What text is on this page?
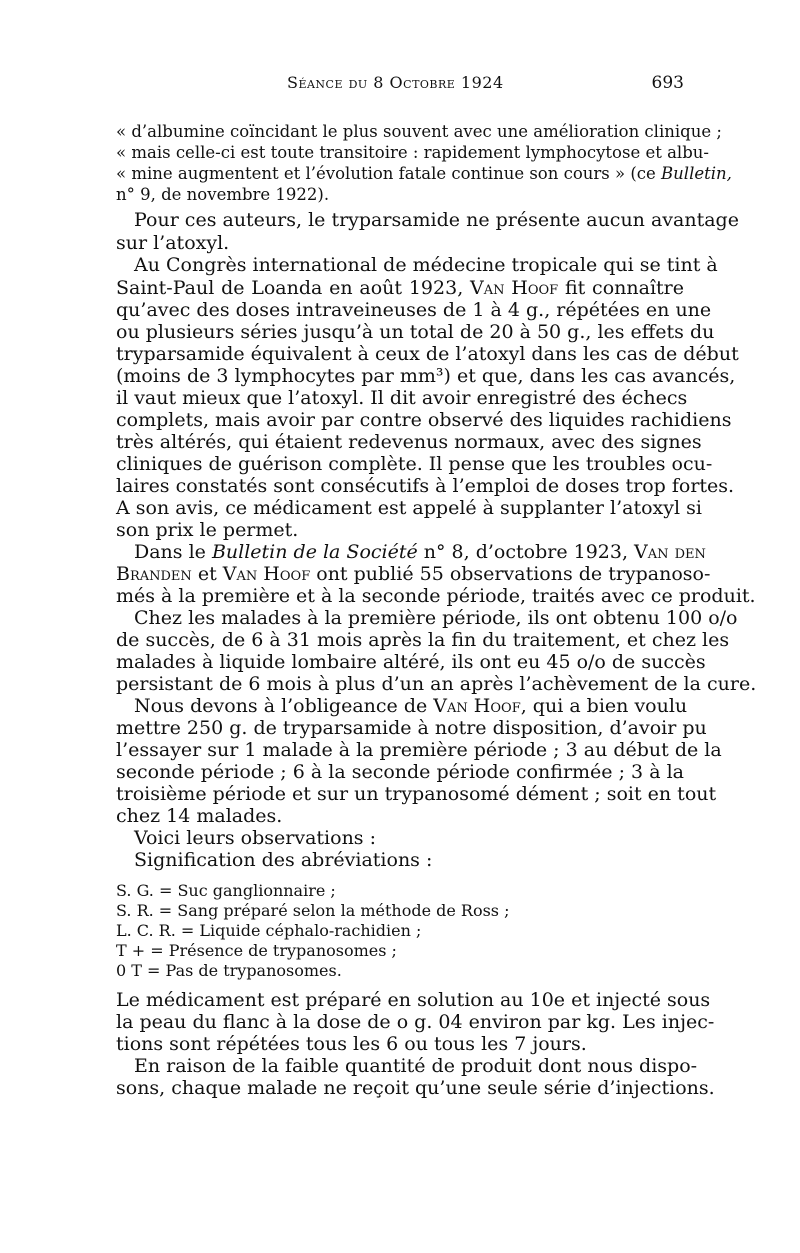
Séance du 8 Octobre 1924	693
« d’albumine coïncidant le plus souvent avec une amélioration clinique ;
« mais celle-ci est toute transitoire : rapidement lymphocytose et albu-
« mine augmentent et l’évolution fatale continue son cours » (ce Bulletin,
n° 9, de novembre 1922).
Pour ces auteurs, le tryparsamide ne présente aucun avantage
sur l’atoxyl.
Au Congrès international de médecine tropicale qui se tint à
Saint-Paul de Loanda en août 1923, Van Hoof fit connaître
qu’avec des doses intraveineuses de 1 à 4 g., répétées en une
ou plusieurs séries jusqu’à un total de 20 à 50 g., les effets du
tryparsamide équivalent à ceux de l’atoxyl dans les cas de début
(moins de 3 lymphocytes par mm³) et que, dans les cas avancés,
il vaut mieux que l’atoxyl. Il dit avoir enregistré des échecs
complets, mais avoir par contre observé des liquides rachidiens
très altérés, qui étaient redevenus normaux, avec des signes
cliniques de guérison complète. Il pense que les troubles ocu-
laires constatés sont consécutifs à l’emploi de doses trop fortes.
A son avis, ce médicament est appelé à supplanter l’atoxyl si
son prix le permet.
Dans le Bulletin de la Société n° 8, d’octobre 1923, Van den
Branden et Van Hoof ont publié 55 observations de trypanoso-
més à la première et à la seconde période, traités avec ce produit.
Chez les malades à la première période, ils ont obtenu 100 o/o
de succès, de 6 à 31 mois après la fin du traitement, et chez les
malades à liquide lombaire altéré, ils ont eu 45 o/o de succès
persistant de 6 mois à plus d’un an après l’achèvement de la cure.
Nous devons à l’obligeance de Van Hoof, qui a bien voulu
mettre 250 g. de tryparsamide à notre disposition, d’avoir pu
l’essayer sur 1 malade à la première période ; 3 au début de la
seconde période ; 6 à la seconde période confirmée ; 3 à la
troisième période et sur un trypanosomé dément ; soit en tout
chez 14 malades.
Voici leurs observations :
Signification des abréviations :
S. G. = Suc ganglionnaire ;
S. R. = Sang préparé selon la méthode de Ross ;
L. C. R. = Liquide céphalo-rachidien ;
T + = Présence de trypanosomes ;
0 T = Pas de trypanosomes.
Le médicament est préparé en solution au 10e et injecté sous
la peau du flanc à la dose de o g. 04 environ par kg. Les injec-
tions sont répétées tous les 6 ou tous les 7 jours.
En raison de la faible quantité de produit dont nous dispo-
sons, chaque malade ne reçoit qu’une seule série d’injections.
